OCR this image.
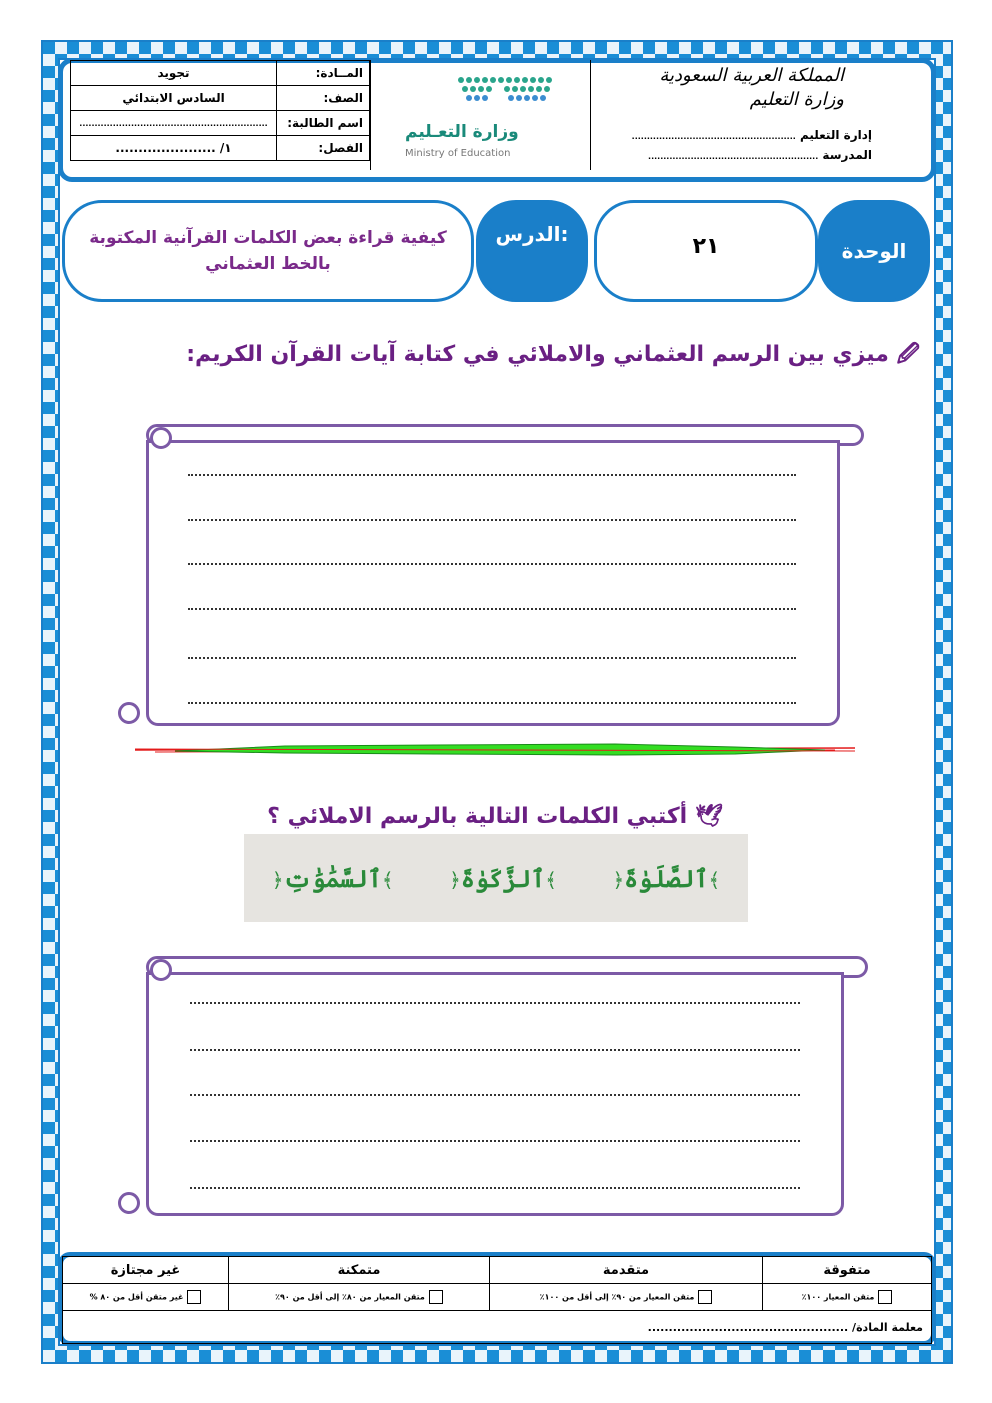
المــادة:	تجويد
الصف:	السادس الابتدائي
اسم الطالبة:	..............................................................
الفصل:	١/ ......................
وزارة التعـليم
Ministry of Education
المملكة العربية السعودية
وزارة التعليم
إدارة التعليم ......................................................
المدرسة ........................................................
كيفية قراءة بعض الكلمات القرآنية المكتوبة بالخط العثماني
الدرس:	٢١	الوحدة
🖉 ميزي بين الرسم العثماني والاملائي في كتابة آيات القرآن الكريم:
🕊 أكتبي الكلمات التالية بالرسم الاملائي ؟
﴾ٱلصَّلَوٰةَ﴿
﴾ٱلزَّكَوٰةَ﴿
﴾ٱلسَّمَٰوَٰتِ﴿
متفوقة	متقدمة	متمكنة	غير مجتازة
متقن المعيار ١٠٠٪	متقن المعيار من ٩٠٪ إلى أقل من ١٠٠٪	متقن المعيار من ٨٠٪ إلى أقل من ٩٠٪	غير متقن أقل من ٨٠ %
معلمة المادة/ ................................................			
